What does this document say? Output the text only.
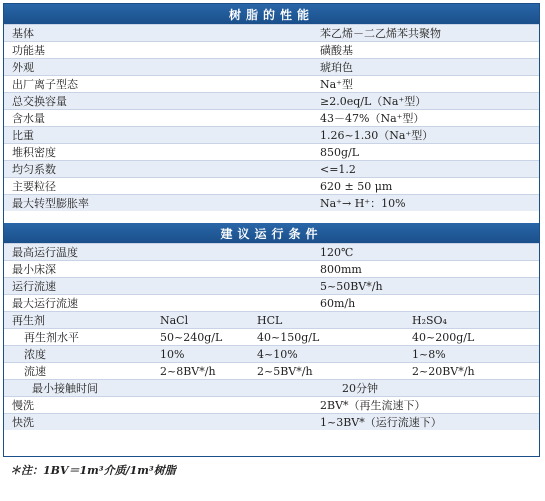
树脂的性能
基体	苯乙烯－二乙烯苯共聚物
功能基	磺酸基
外观	琥珀色
出厂离子型态	Na⁺型
总交换容量	≥2.0eq/L（Na⁺型）
含水量	43－47%（Na⁺型）
比重	1.26~1.30（Na⁺型）
堆积密度	850g/L
均匀系数	<=1.2
主要粒径	620 ± 50 μm
最大转型膨胀率	Na⁺→ H⁺：10%
建议运行条件
最高运行温度	120℃
最小床深	800mm
运行流速	5~50BV*/h
最大运行流速	60m/h
再生剂	NaCl	HCL	H₂SO₄
再生剂水平	50~240g/L	40~150g/L	40~200g/L
浓度	10%	4~10%	1~8%
流速	2~8BV*/h	2~5BV*/h	2~20BV*/h
最小接触时间	20分钟
慢洗	2BV*（再生流速下）
快洗	1~3BV*（运行流速下）
＊注：1BV＝1m³介质/1m³树脂
